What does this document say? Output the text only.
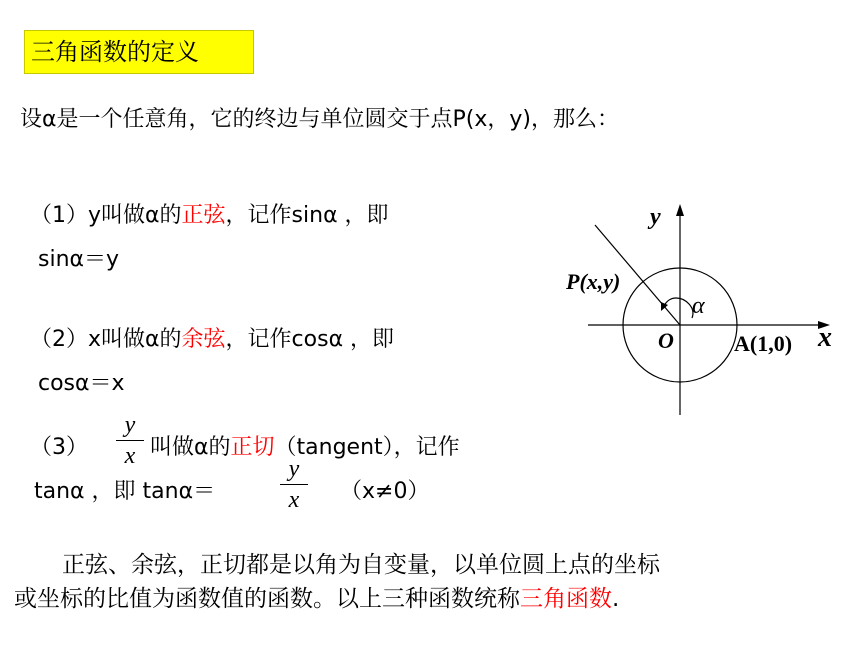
三角函数的定义
设α是一个任意角，它的终边与单位圆交于点P(x，y)，那么：
（1）y叫做α的正弦，记作sinα ，即
sinα＝y
（2）x叫做α的余弦，记作cosα ，即
cosα＝x
（3）
y
x 叫做α的正切（tangent），记作
tanα ，即 tanα＝
y
x	（x≠0）
正弦、余弦，正切都是以角为自变量，以单位圆上点的坐标
或坐标的比值为函数值的函数。以上三种函数统称三角函数.
y
x
P(x,y)
O	A(1,0)
α
